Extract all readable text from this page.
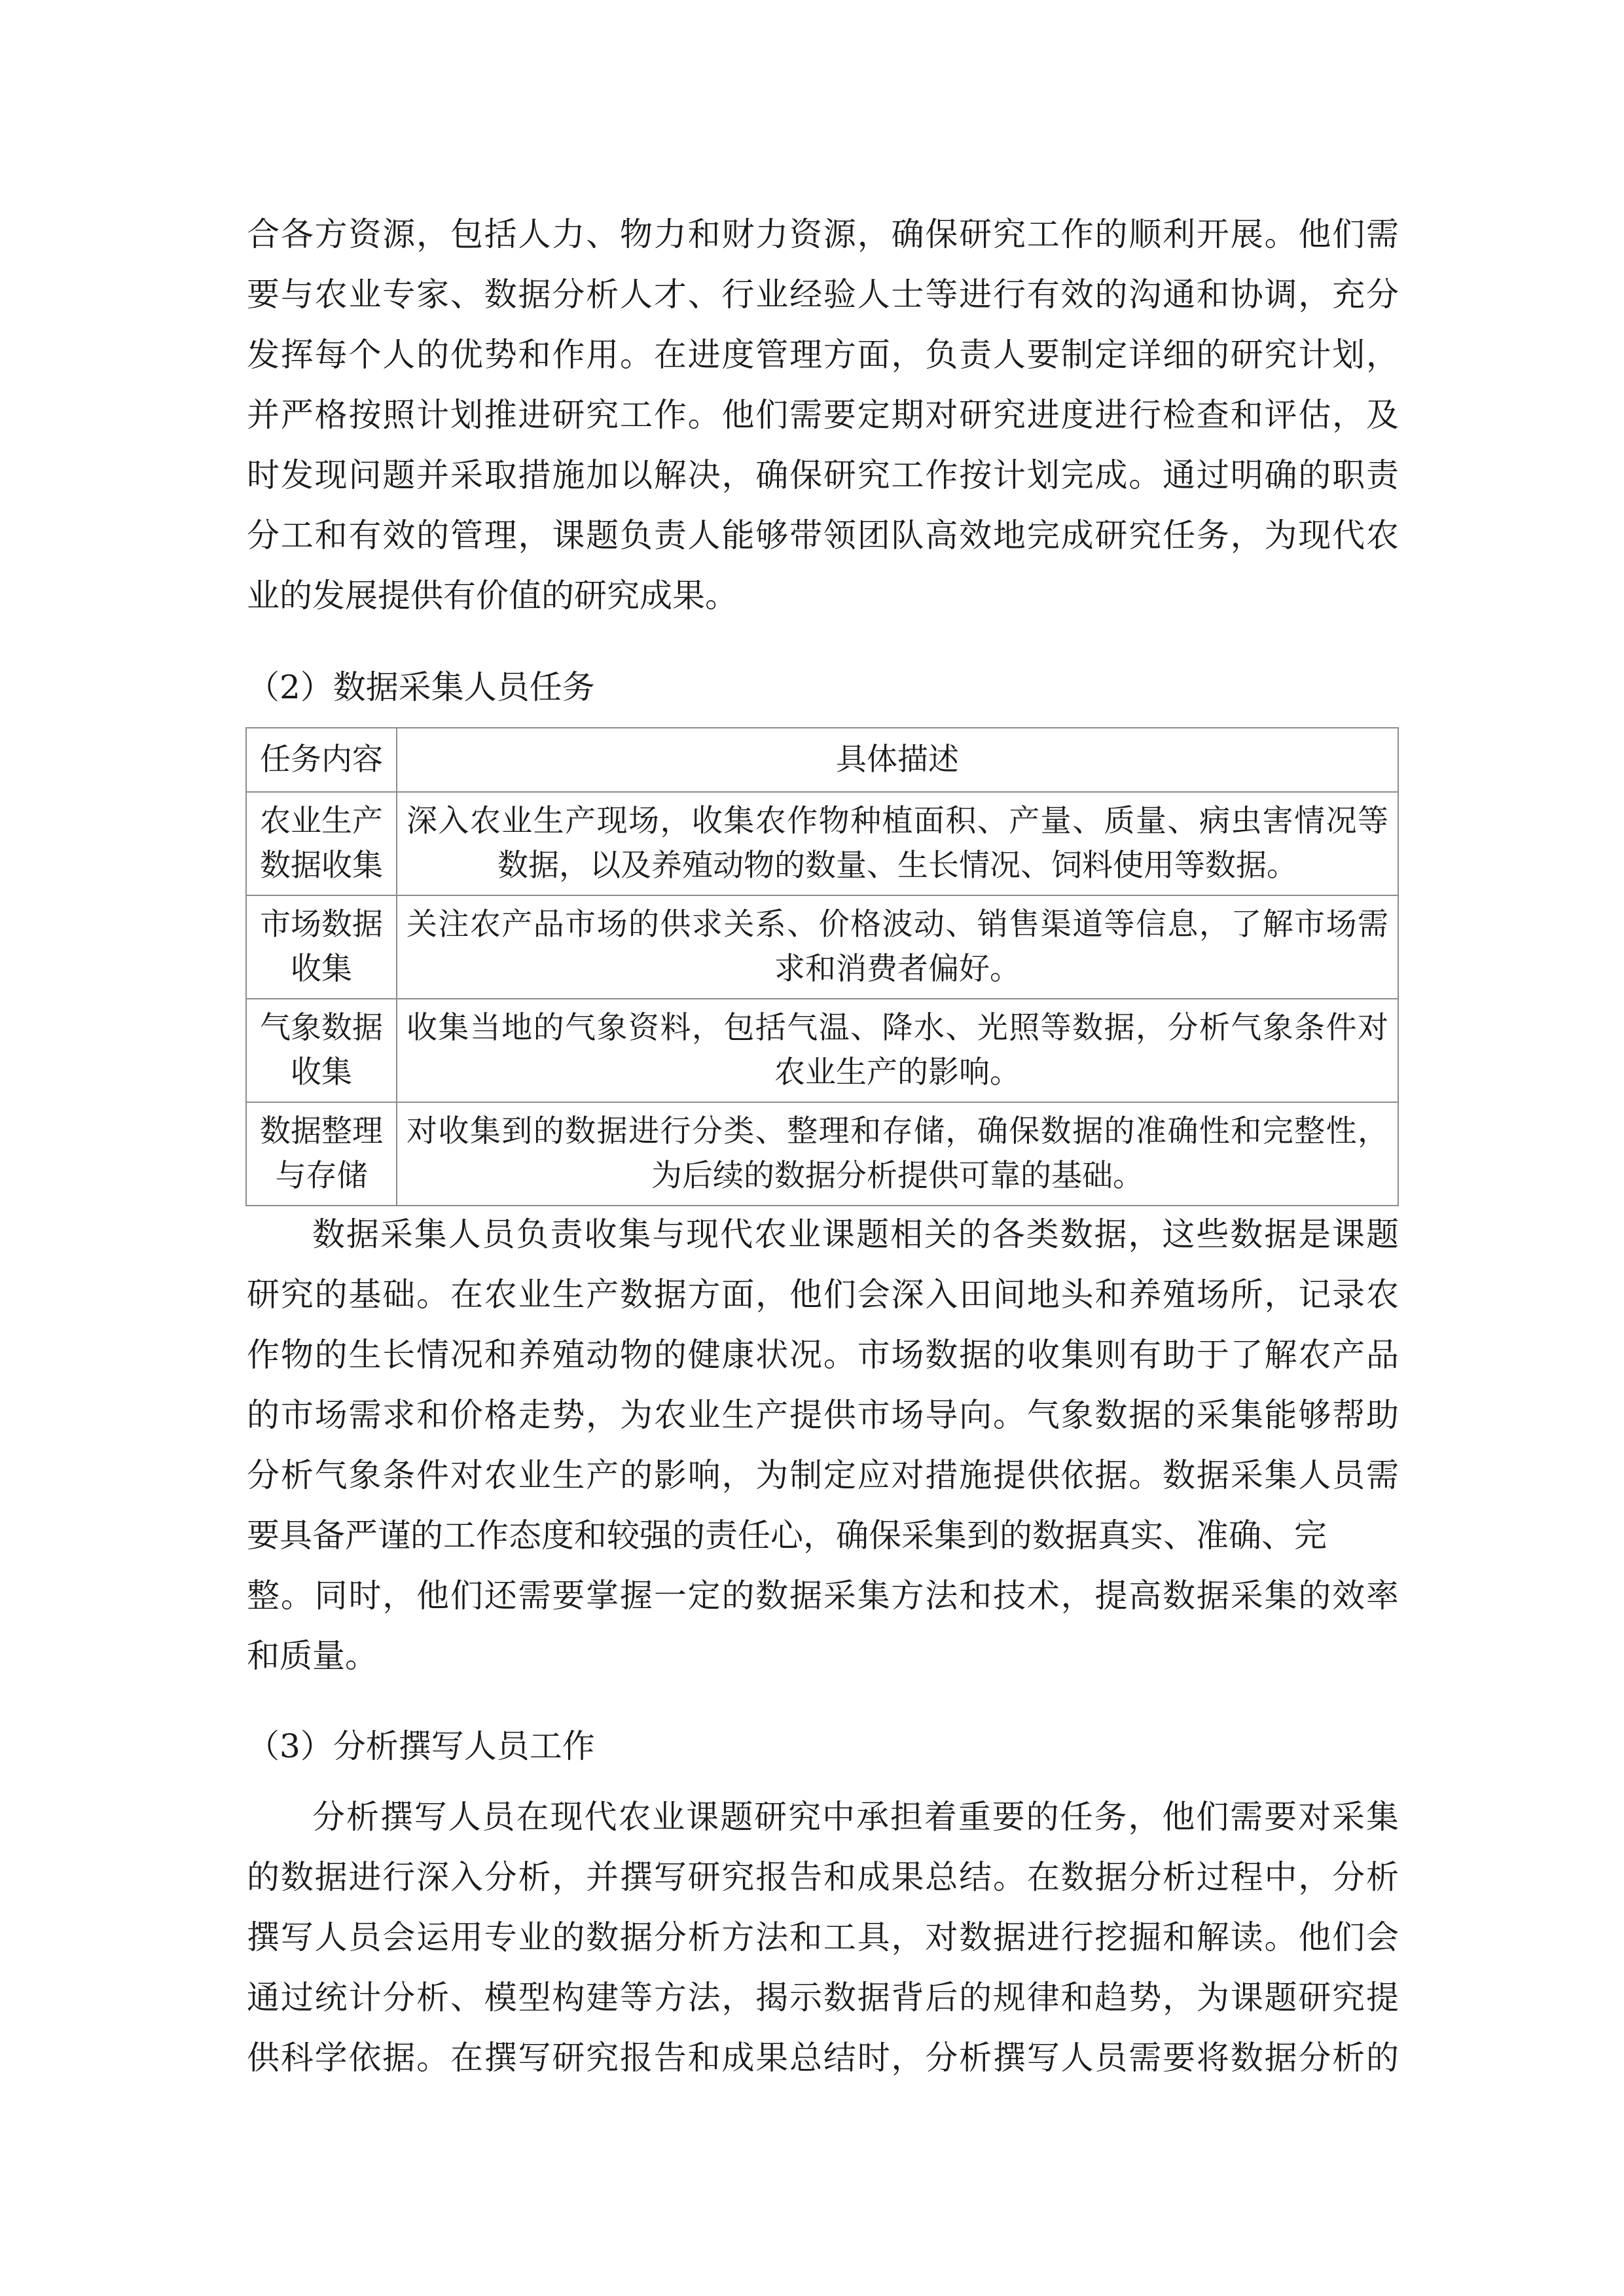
合各方资源，包括人力、物力和财力资源，确保研究工作的顺利开展。他们需
要与农业专家、数据分析人才、行业经验人士等进行有效的沟通和协调，充分
发挥每个人的优势和作用。在进度管理方面，负责人要制定详细的研究计划，
并严格按照计划推进研究工作。他们需要定期对研究进度进行检查和评估，及
时发现问题并采取措施加以解决，确保研究工作按计划完成。通过明确的职责
分工和有效的管理，课题负责人能够带领团队高效地完成研究任务，为现代农
业的发展提供有价值的研究成果。
（2）数据采集人员任务
任务内容	具体描述
农业生产
数据收集	深入农业生产现场，收集农作物种植面积、产量、质量、病虫害情况等数据，以及养殖动物的数量、生长情况、饲料使用等数据。
市场数据
收集	关注农产品市场的供求关系、价格波动、销售渠道等信息，了解市场需求和消费者偏好。
气象数据
收集	收集当地的气象资料，包括气温、降水、光照等数据，分析气象条件对农业生产的影响。
数据整理
与存储	对收集到的数据进行分类、整理和存储，确保数据的准确性和完整性，为后续的数据分析提供可靠的基础。
数据采集人员负责收集与现代农业课题相关的各类数据，这些数据是课题
研究的基础。在农业生产数据方面，他们会深入田间地头和养殖场所，记录农
作物的生长情况和养殖动物的健康状况。市场数据的收集则有助于了解农产品
的市场需求和价格走势，为农业生产提供市场导向。气象数据的采集能够帮助
分析气象条件对农业生产的影响，为制定应对措施提供依据。数据采集人员需
要具备严谨的工作态度和较强的责任心，确保采集到的数据真实、准确、完
整。同时，他们还需要掌握一定的数据采集方法和技术，提高数据采集的效率
和质量。
（3）分析撰写人员工作
分析撰写人员在现代农业课题研究中承担着重要的任务，他们需要对采集
的数据进行深入分析，并撰写研究报告和成果总结。在数据分析过程中，分析
撰写人员会运用专业的数据分析方法和工具，对数据进行挖掘和解读。他们会
通过统计分析、模型构建等方法，揭示数据背后的规律和趋势，为课题研究提
供科学依据。在撰写研究报告和成果总结时，分析撰写人员需要将数据分析的
